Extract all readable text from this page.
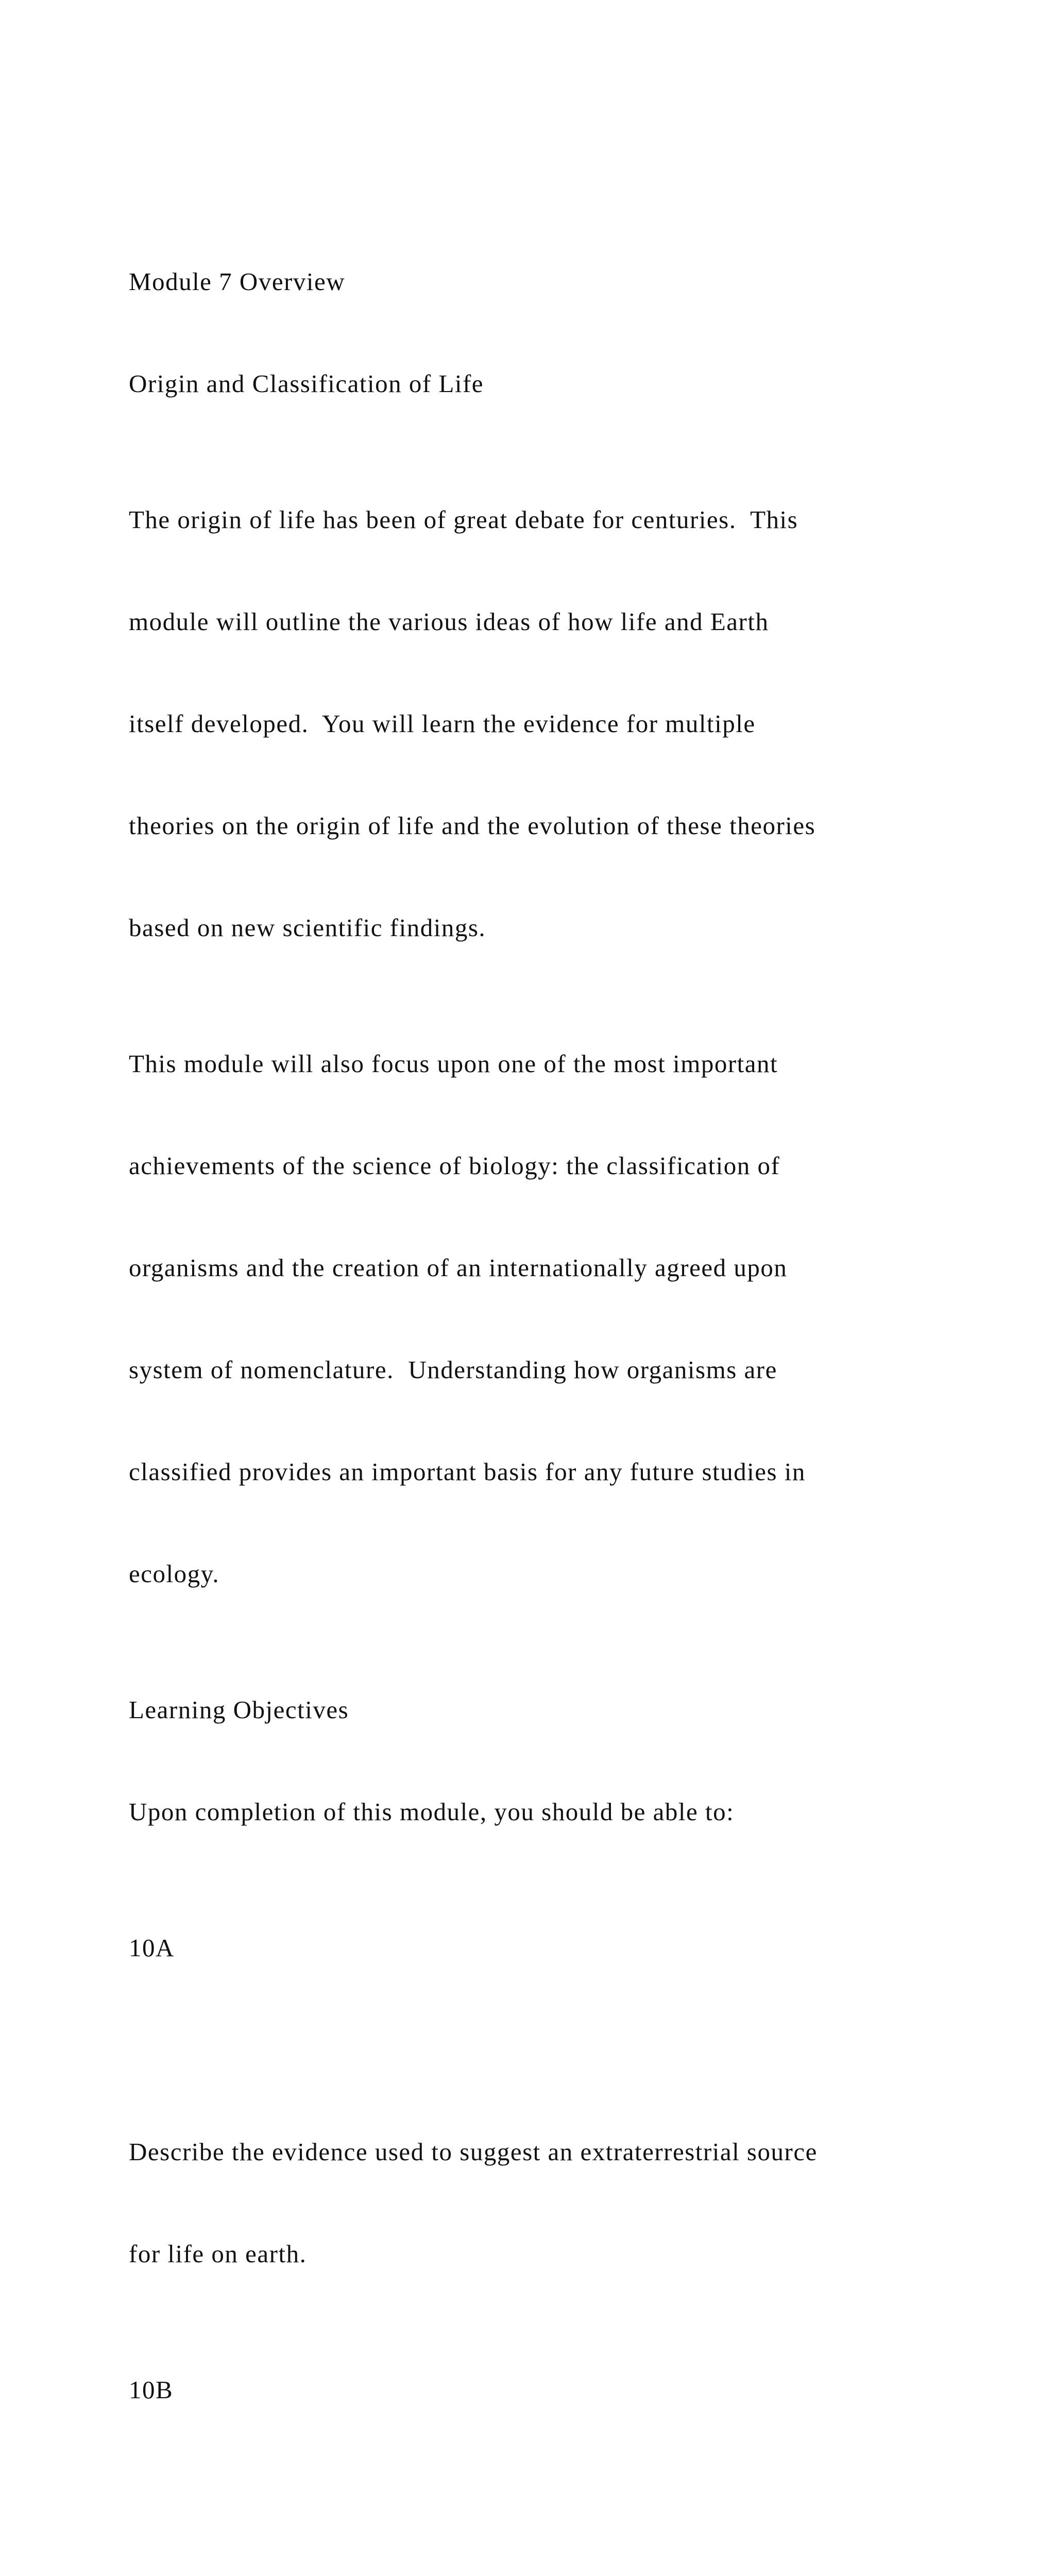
Module 7 Overview

Origin and Classification of Life

The origin of life has been of great debate for centuries.  This

module will outline the various ideas of how life and Earth

itself developed.  You will learn the evidence for multiple

theories on the origin of life and the evolution of these theories

based on new scientific findings.

This module will also focus upon one of the most important

achievements of the science of biology: the classification of

organisms and the creation of an internationally agreed upon

system of nomenclature.  Understanding how organisms are

classified provides an important basis for any future studies in

ecology.

Learning Objectives

Upon completion of this module, you should be able to:

10A

Describe the evidence used to suggest an extraterrestrial source

for life on earth.

10B
